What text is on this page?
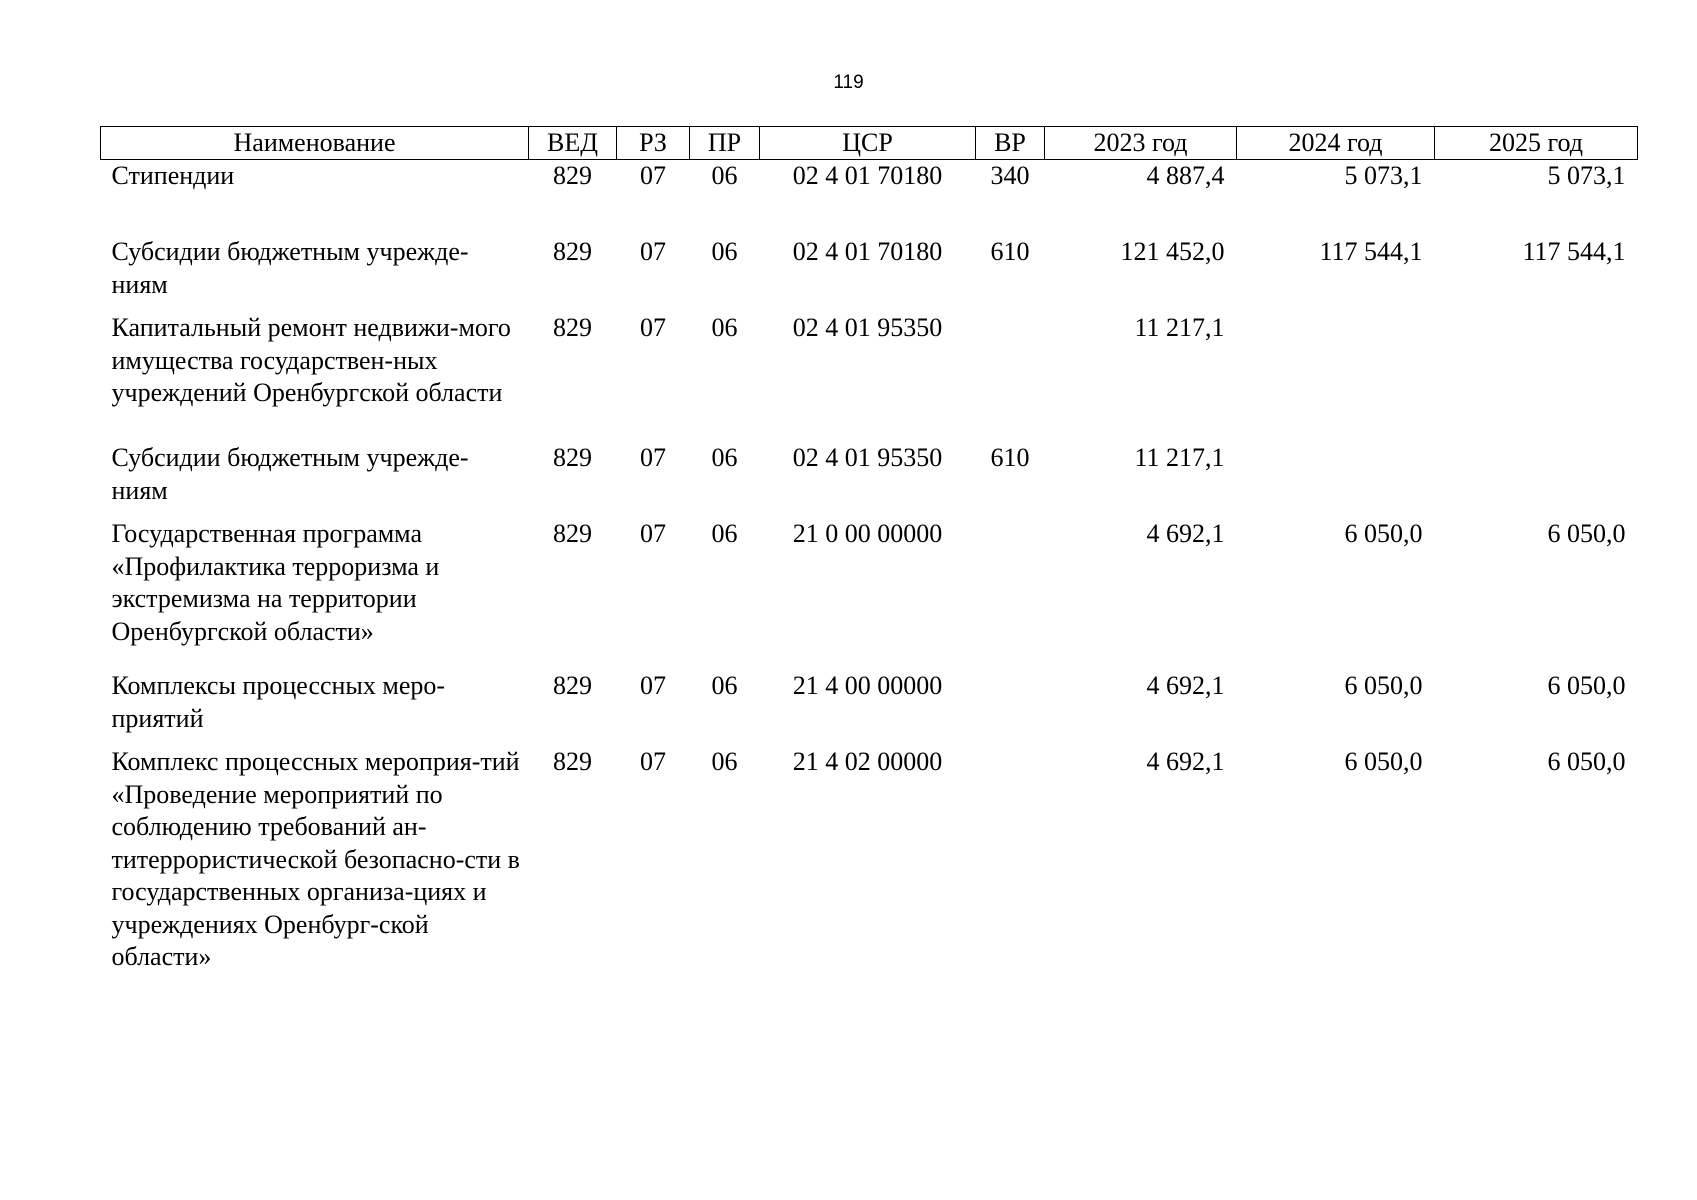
119
Наименование	ВЕД	РЗ	ПР	ЦСР	ВР	2023 год	2024 год	2025 год
Стипендии	829	07	06	02 4 01 70180	340	4 887,4	5 073,1	5 073,1
Субсидии бюджетным учрежде-ниям	829	07	06	02 4 01 70180	610	121 452,0	117 544,1	117 544,1
Капитальный ремонт недвижи-мого имущества государствен-ных учреждений Оренбургской области	829	07	06	02 4 01 95350		11 217,1		
Субсидии бюджетным учрежде-ниям	829	07	06	02 4 01 95350	610	11 217,1		
Государственная программа «Профилактика терроризма и экстремизма на территории Оренбургской области»	829	07	06	21 0 00 00000		4 692,1	6 050,0	6 050,0
Комплексы процессных меро-приятий	829	07	06	21 4 00 00000		4 692,1	6 050,0	6 050,0
Комплекс процессных мероприя-тий «Проведение мероприятий по соблюдению требований ан-титеррористической безопасно-сти в государственных организа-циях и учреждениях Оренбург-ской области»	829	07	06	21 4 02 00000		4 692,1	6 050,0	6 050,0
